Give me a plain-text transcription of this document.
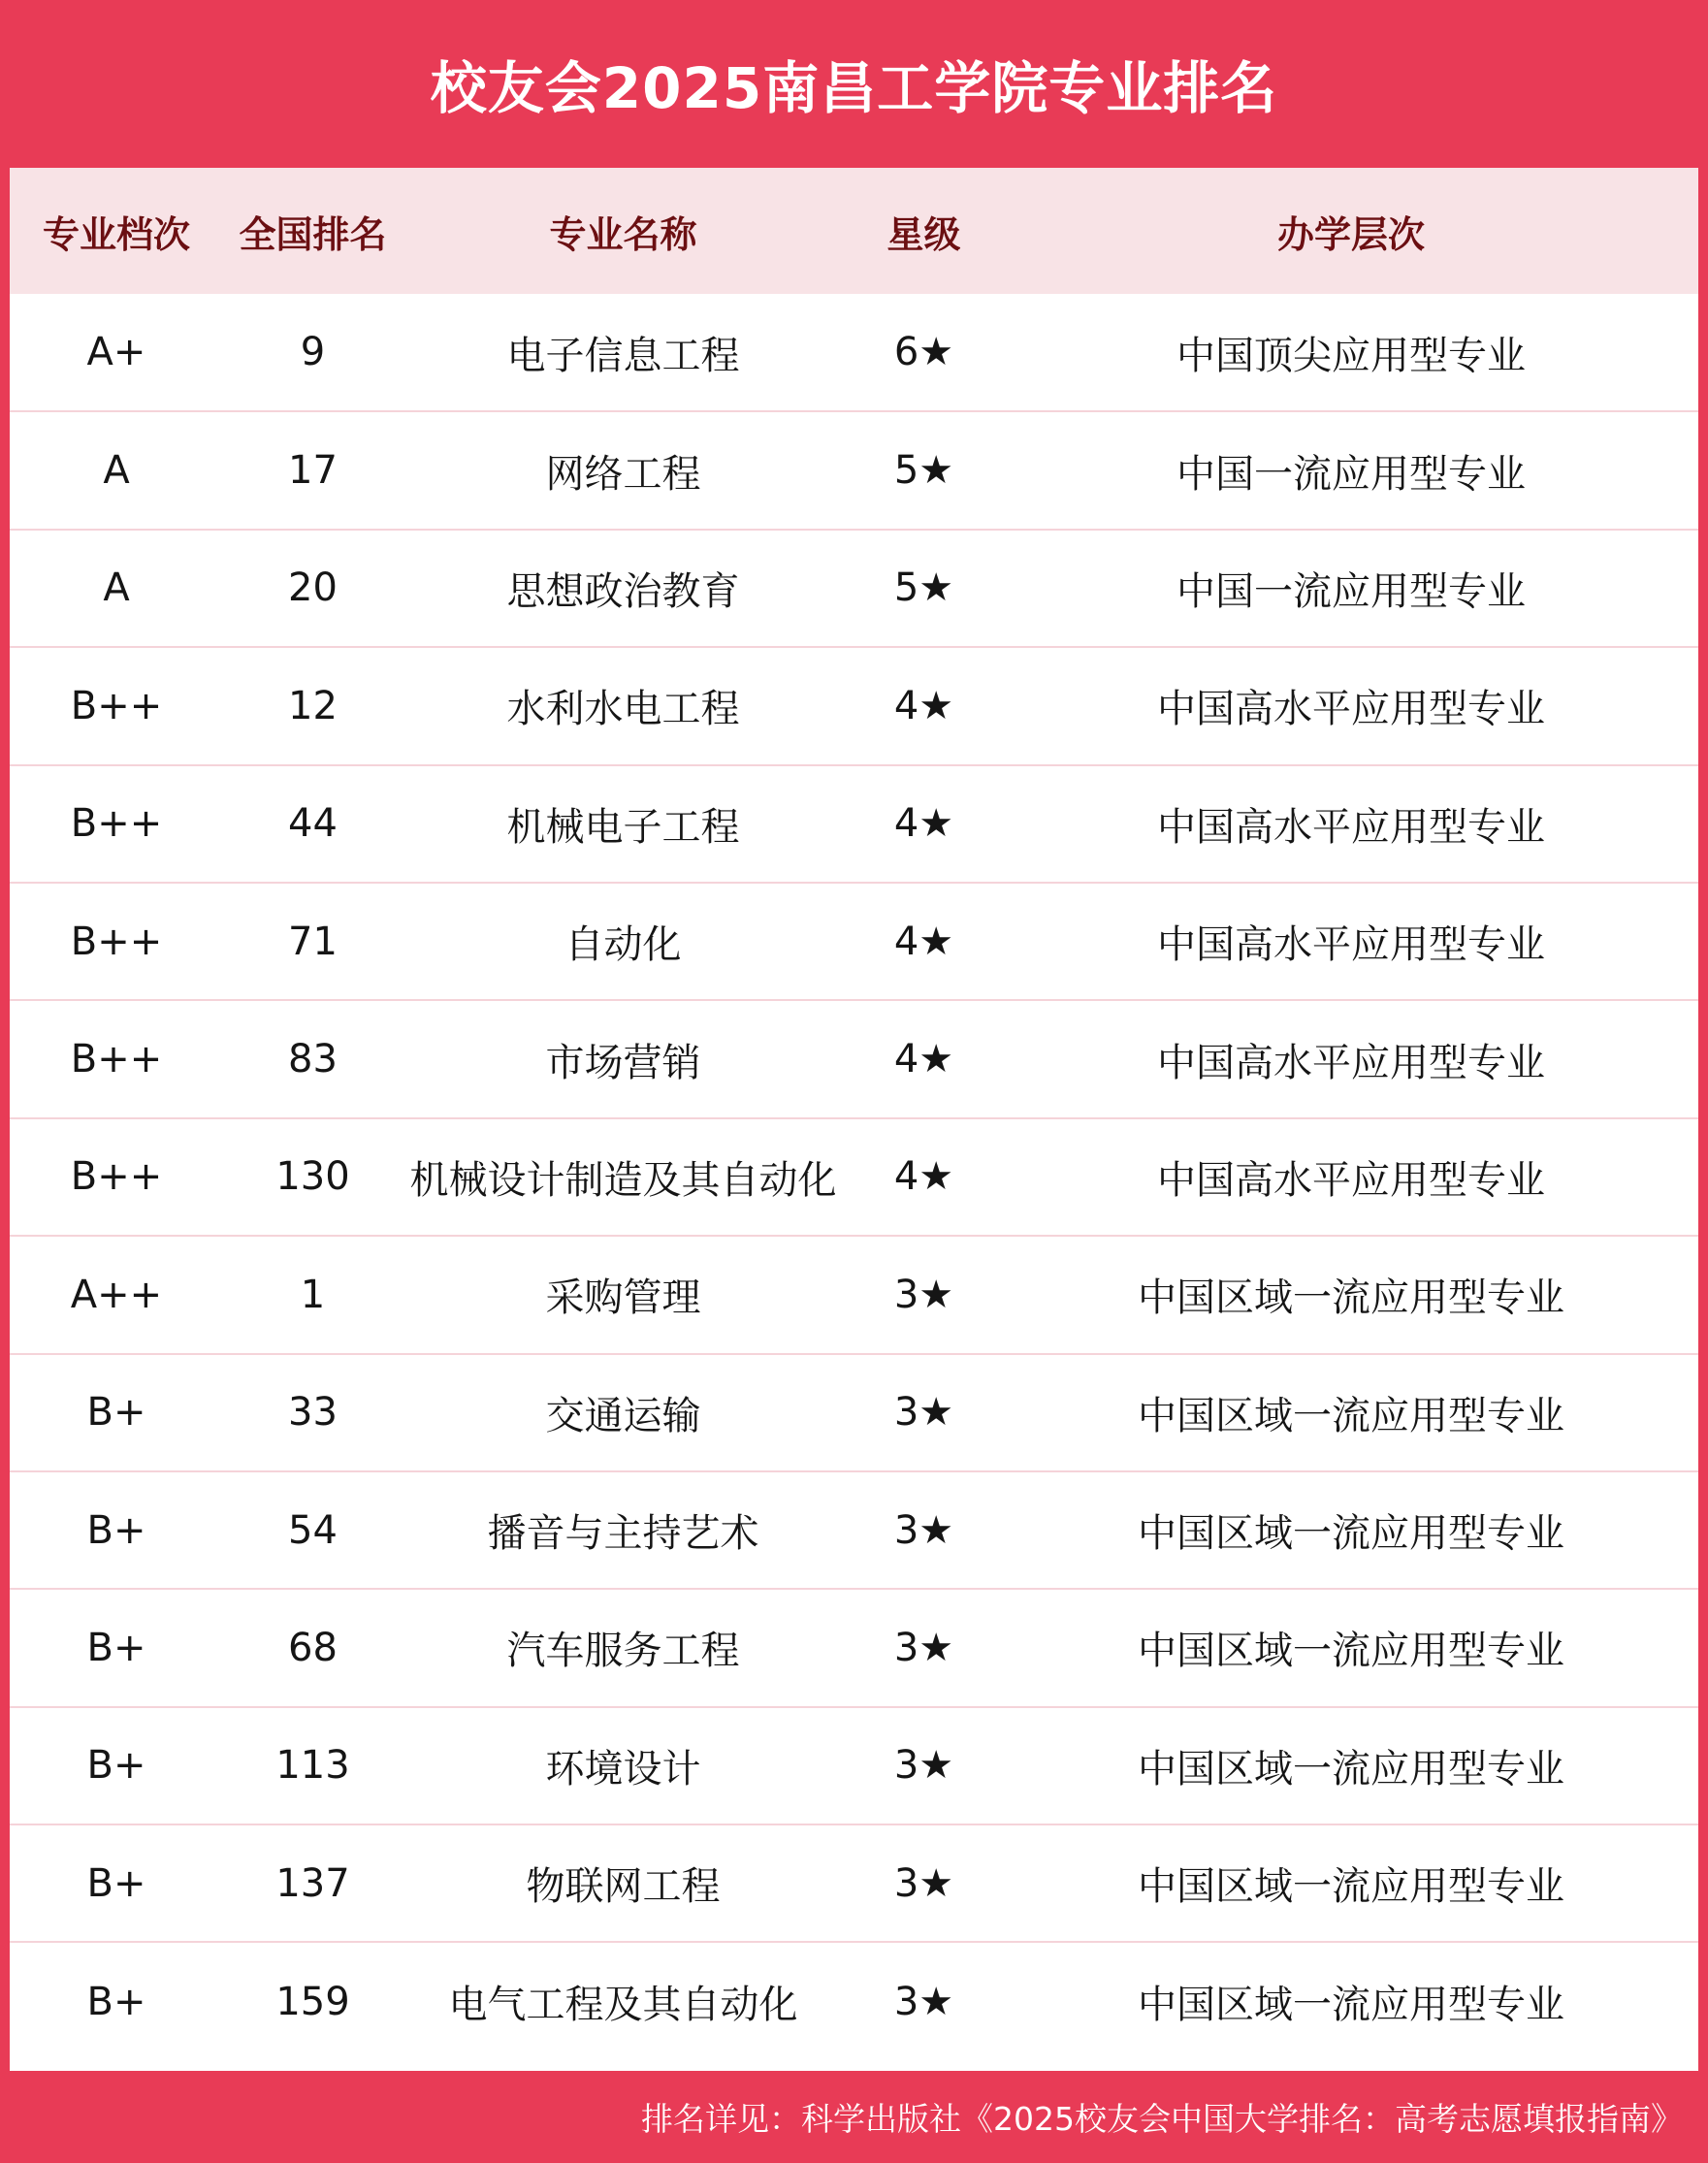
校友会2025南昌工学院专业排名
专业档次	全国排名	专业名称	星级	办学层次
A+	9	电子信息工程	6★	中国顶尖应用型专业
A	17	网络工程	5★	中国一流应用型专业
A	20	思想政治教育	5★	中国一流应用型专业
B++	12	水利水电工程	4★	中国高水平应用型专业
B++	44	机械电子工程	4★	中国高水平应用型专业
B++	71	自动化	4★	中国高水平应用型专业
B++	83	市场营销	4★	中国高水平应用型专业
B++	130	机械设计制造及其自动化	4★	中国高水平应用型专业
A++	1	采购管理	3★	中国区域一流应用型专业
B+	33	交通运输	3★	中国区域一流应用型专业
B+	54	播音与主持艺术	3★	中国区域一流应用型专业
B+	68	汽车服务工程	3★	中国区域一流应用型专业
B+	113	环境设计	3★	中国区域一流应用型专业
B+	137	物联网工程	3★	中国区域一流应用型专业
B+	159	电气工程及其自动化	3★	中国区域一流应用型专业
排名详见：科学出版社《2025校友会中国大学排名：高考志愿填报指南》
